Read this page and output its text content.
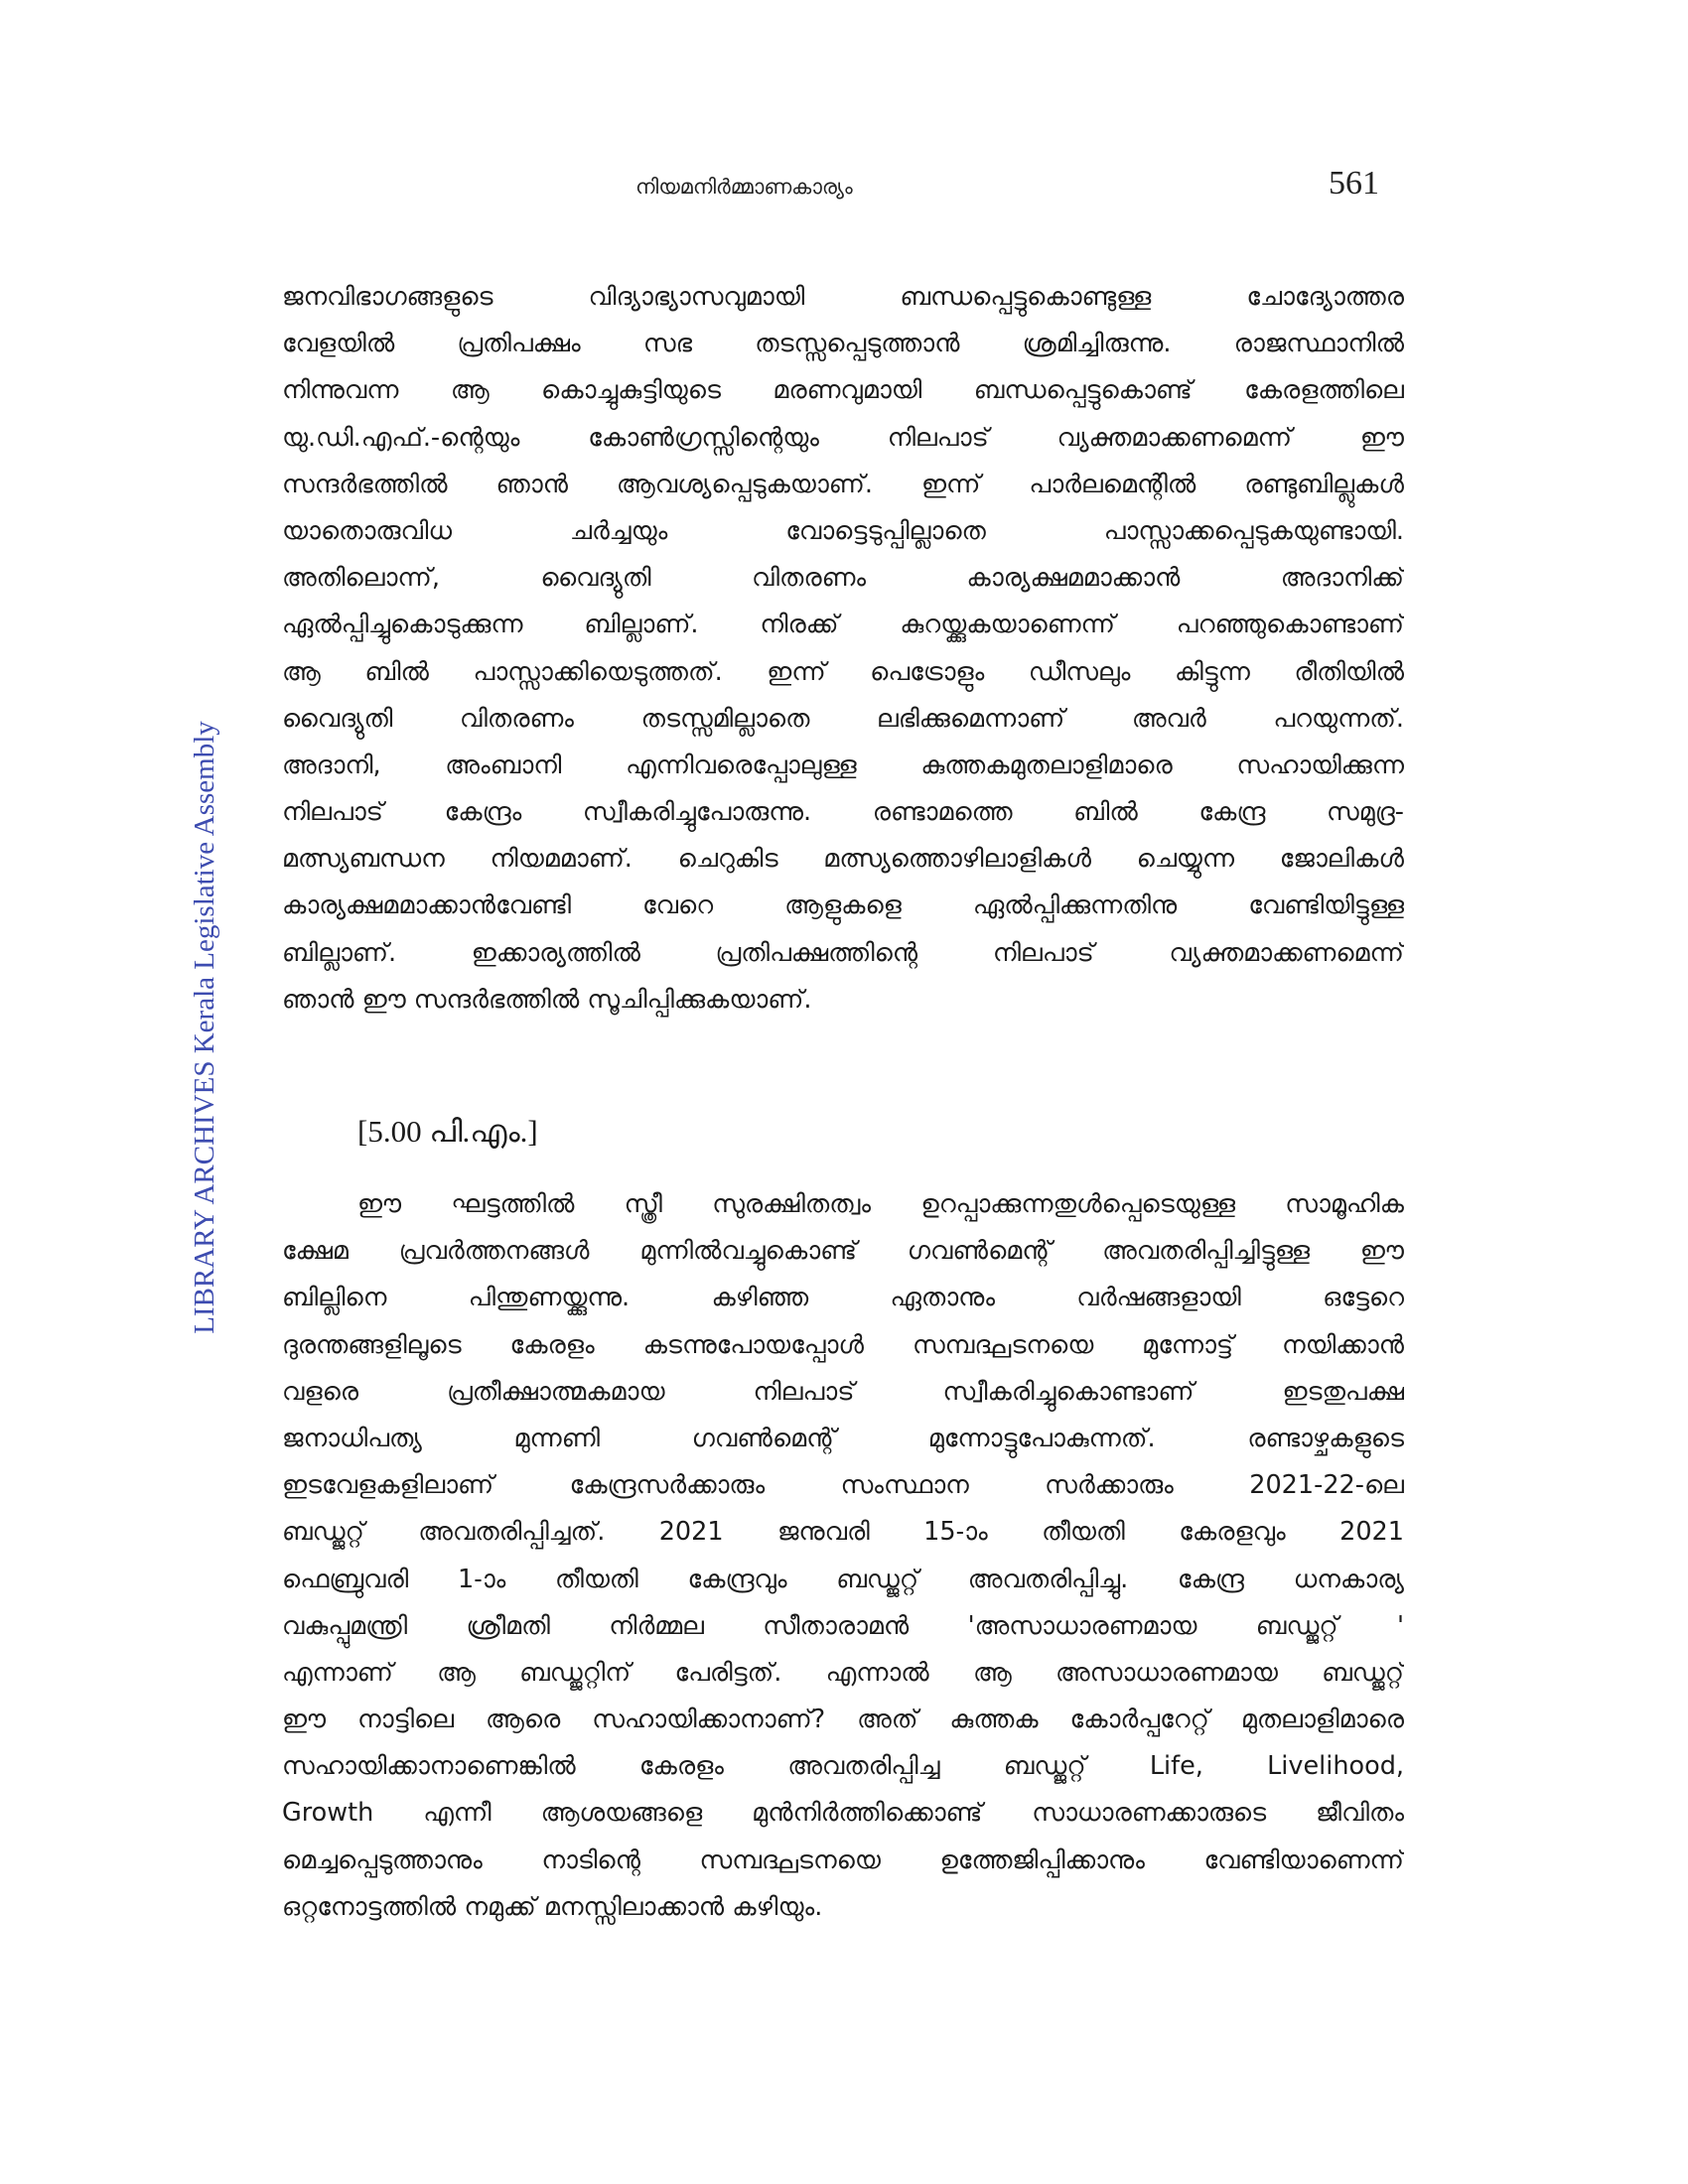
നിയമനിർമ്മാണകാര്യം	561
LIBRARY ARCHIVES Kerala Legislative Assembly
ജനവിഭാഗങ്ങളുടെ വിദ്യാഭ്യാസവുമായി ബന്ധപ്പെട്ടുകൊണ്ടുള്ള ചോദ്യോത്തര
വേളയിൽ പ്രതിപക്ഷം സഭ തടസ്സപ്പെടുത്താൻ ശ്രമിച്ചിരുന്നു. രാജസ്ഥാനിൽ
നിന്നുവന്ന ആ കൊച്ചുകുട്ടിയുടെ മരണവുമായി ബന്ധപ്പെട്ടുകൊണ്ട് കേരളത്തിലെ
യു.ഡി.എഫ്.-ന്റെയും കോൺഗ്രസ്സിന്റെയും നിലപാട് വ്യക്തമാക്കണമെന്ന് ഈ
സന്ദർഭത്തിൽ ഞാൻ ആവശ്യപ്പെടുകയാണ്. ഇന്ന് പാർലമെന്റിൽ രണ്ടുബില്ലുകൾ
യാതൊരുവിധ ചർച്ചയും വോട്ടെടുപ്പില്ലാതെ പാസ്സാക്കപ്പെടുകയുണ്ടായി.
അതിലൊന്ന്, വൈദ്യുതി വിതരണം കാര്യക്ഷമമാക്കാൻ അദാനിക്ക്
ഏൽപ്പിച്ചുകൊടുക്കുന്ന ബില്ലാണ്. നിരക്ക് കുറയ്ക്കുകയാണെന്ന് പറഞ്ഞുകൊണ്ടാണ്
ആ ബിൽ പാസ്സാക്കിയെടുത്തത്. ഇന്ന് പെട്രോളും ഡീസലും കിട്ടുന്ന രീതിയിൽ
വൈദ്യുതി വിതരണം തടസ്സമില്ലാതെ ലഭിക്കുമെന്നാണ് അവർ പറയുന്നത്.
അദാനി, അംബാനി എന്നിവരെപ്പോലുള്ള കുത്തകമുതലാളിമാരെ സഹായിക്കുന്ന
നിലപാട് കേന്ദ്രം സ്വീകരിച്ചുപോരുന്നു. രണ്ടാമത്തെ ബിൽ കേന്ദ്ര സമുദ്ര-
മത്സ്യബന്ധന നിയമമാണ്. ചെറുകിട മത്സ്യത്തൊഴിലാളികൾ ചെയ്യുന്ന ജോലികൾ
കാര്യക്ഷമമാക്കാൻവേണ്ടി വേറെ ആളുകളെ ഏൽപ്പിക്കുന്നതിനു വേണ്ടിയിട്ടുള്ള
ബില്ലാണ്. ഇക്കാര്യത്തിൽ പ്രതിപക്ഷത്തിന്റെ നിലപാട് വ്യക്തമാക്കണമെന്ന്
ഞാൻ ഈ സന്ദർഭത്തിൽ സൂചിപ്പിക്കുകയാണ്.
[5.00 പി.എം.]
ഈ ഘട്ടത്തിൽ സ്ത്രീ സുരക്ഷിതത്വം ഉറപ്പാക്കുന്നതുൾപ്പെടെയുള്ള സാമൂഹിക
ക്ഷേമ പ്രവർത്തനങ്ങൾ മുന്നിൽവച്ചുകൊണ്ട് ഗവൺമെന്റ് അവതരിപ്പിച്ചിട്ടുള്ള ഈ
ബില്ലിനെ പിന്തുണയ്ക്കുന്നു. കഴിഞ്ഞ ഏതാനും വർഷങ്ങളായി ഒട്ടേറെ
ദുരന്തങ്ങളിലൂടെ കേരളം കടന്നുപോയപ്പോൾ സമ്പദ്ഘടനയെ മുന്നോട്ട് നയിക്കാൻ
വളരെ പ്രതീക്ഷാത്മകമായ നിലപാട് സ്വീകരിച്ചുകൊണ്ടാണ് ഇടതുപക്ഷ
ജനാധിപത്യ മുന്നണി ഗവൺമെന്റ് മുന്നോട്ടുപോകുന്നത്. രണ്ടാഴ്ചകളുടെ
ഇടവേളകളിലാണ് കേന്ദ്രസർക്കാരും സംസ്ഥാന സർക്കാരും 2021-22-ലെ
ബഡ്ജറ്റ് അവതരിപ്പിച്ചത്. 2021 ജനുവരി 15-ാം തീയതി കേരളവും 2021
ഫെബ്രുവരി 1-ാം തീയതി കേന്ദ്രവും ബഡ്ജറ്റ് അവതരിപ്പിച്ചു. കേന്ദ്ര ധനകാര്യ
വകുപ്പുമന്ത്രി ശ്രീമതി നിർമ്മല സീതാരാമൻ 'അസാധാരണമായ ബഡ്ജറ്റ് '
എന്നാണ് ആ ബഡ്ജറ്റിന് പേരിട്ടത്. എന്നാൽ ആ അസാധാരണമായ ബഡ്ജറ്റ്
ഈ നാട്ടിലെ ആരെ സഹായിക്കാനാണ്? അത് കുത്തക കോർപ്പറേറ്റ് മുതലാളിമാരെ
സഹായിക്കാനാണെങ്കിൽ കേരളം അവതരിപ്പിച്ച ബഡ്ജറ്റ് Life, Livelihood,
Growth എന്നീ ആശയങ്ങളെ മുൻനിർത്തിക്കൊണ്ട് സാധാരണക്കാരുടെ ജീവിതം
മെച്ചപ്പെടുത്താനും നാടിന്റെ സമ്പദ്ഘടനയെ ഉത്തേജിപ്പിക്കാനും വേണ്ടിയാണെന്ന്
ഒറ്റനോട്ടത്തിൽ നമുക്ക് മനസ്സിലാക്കാൻ കഴിയും.
